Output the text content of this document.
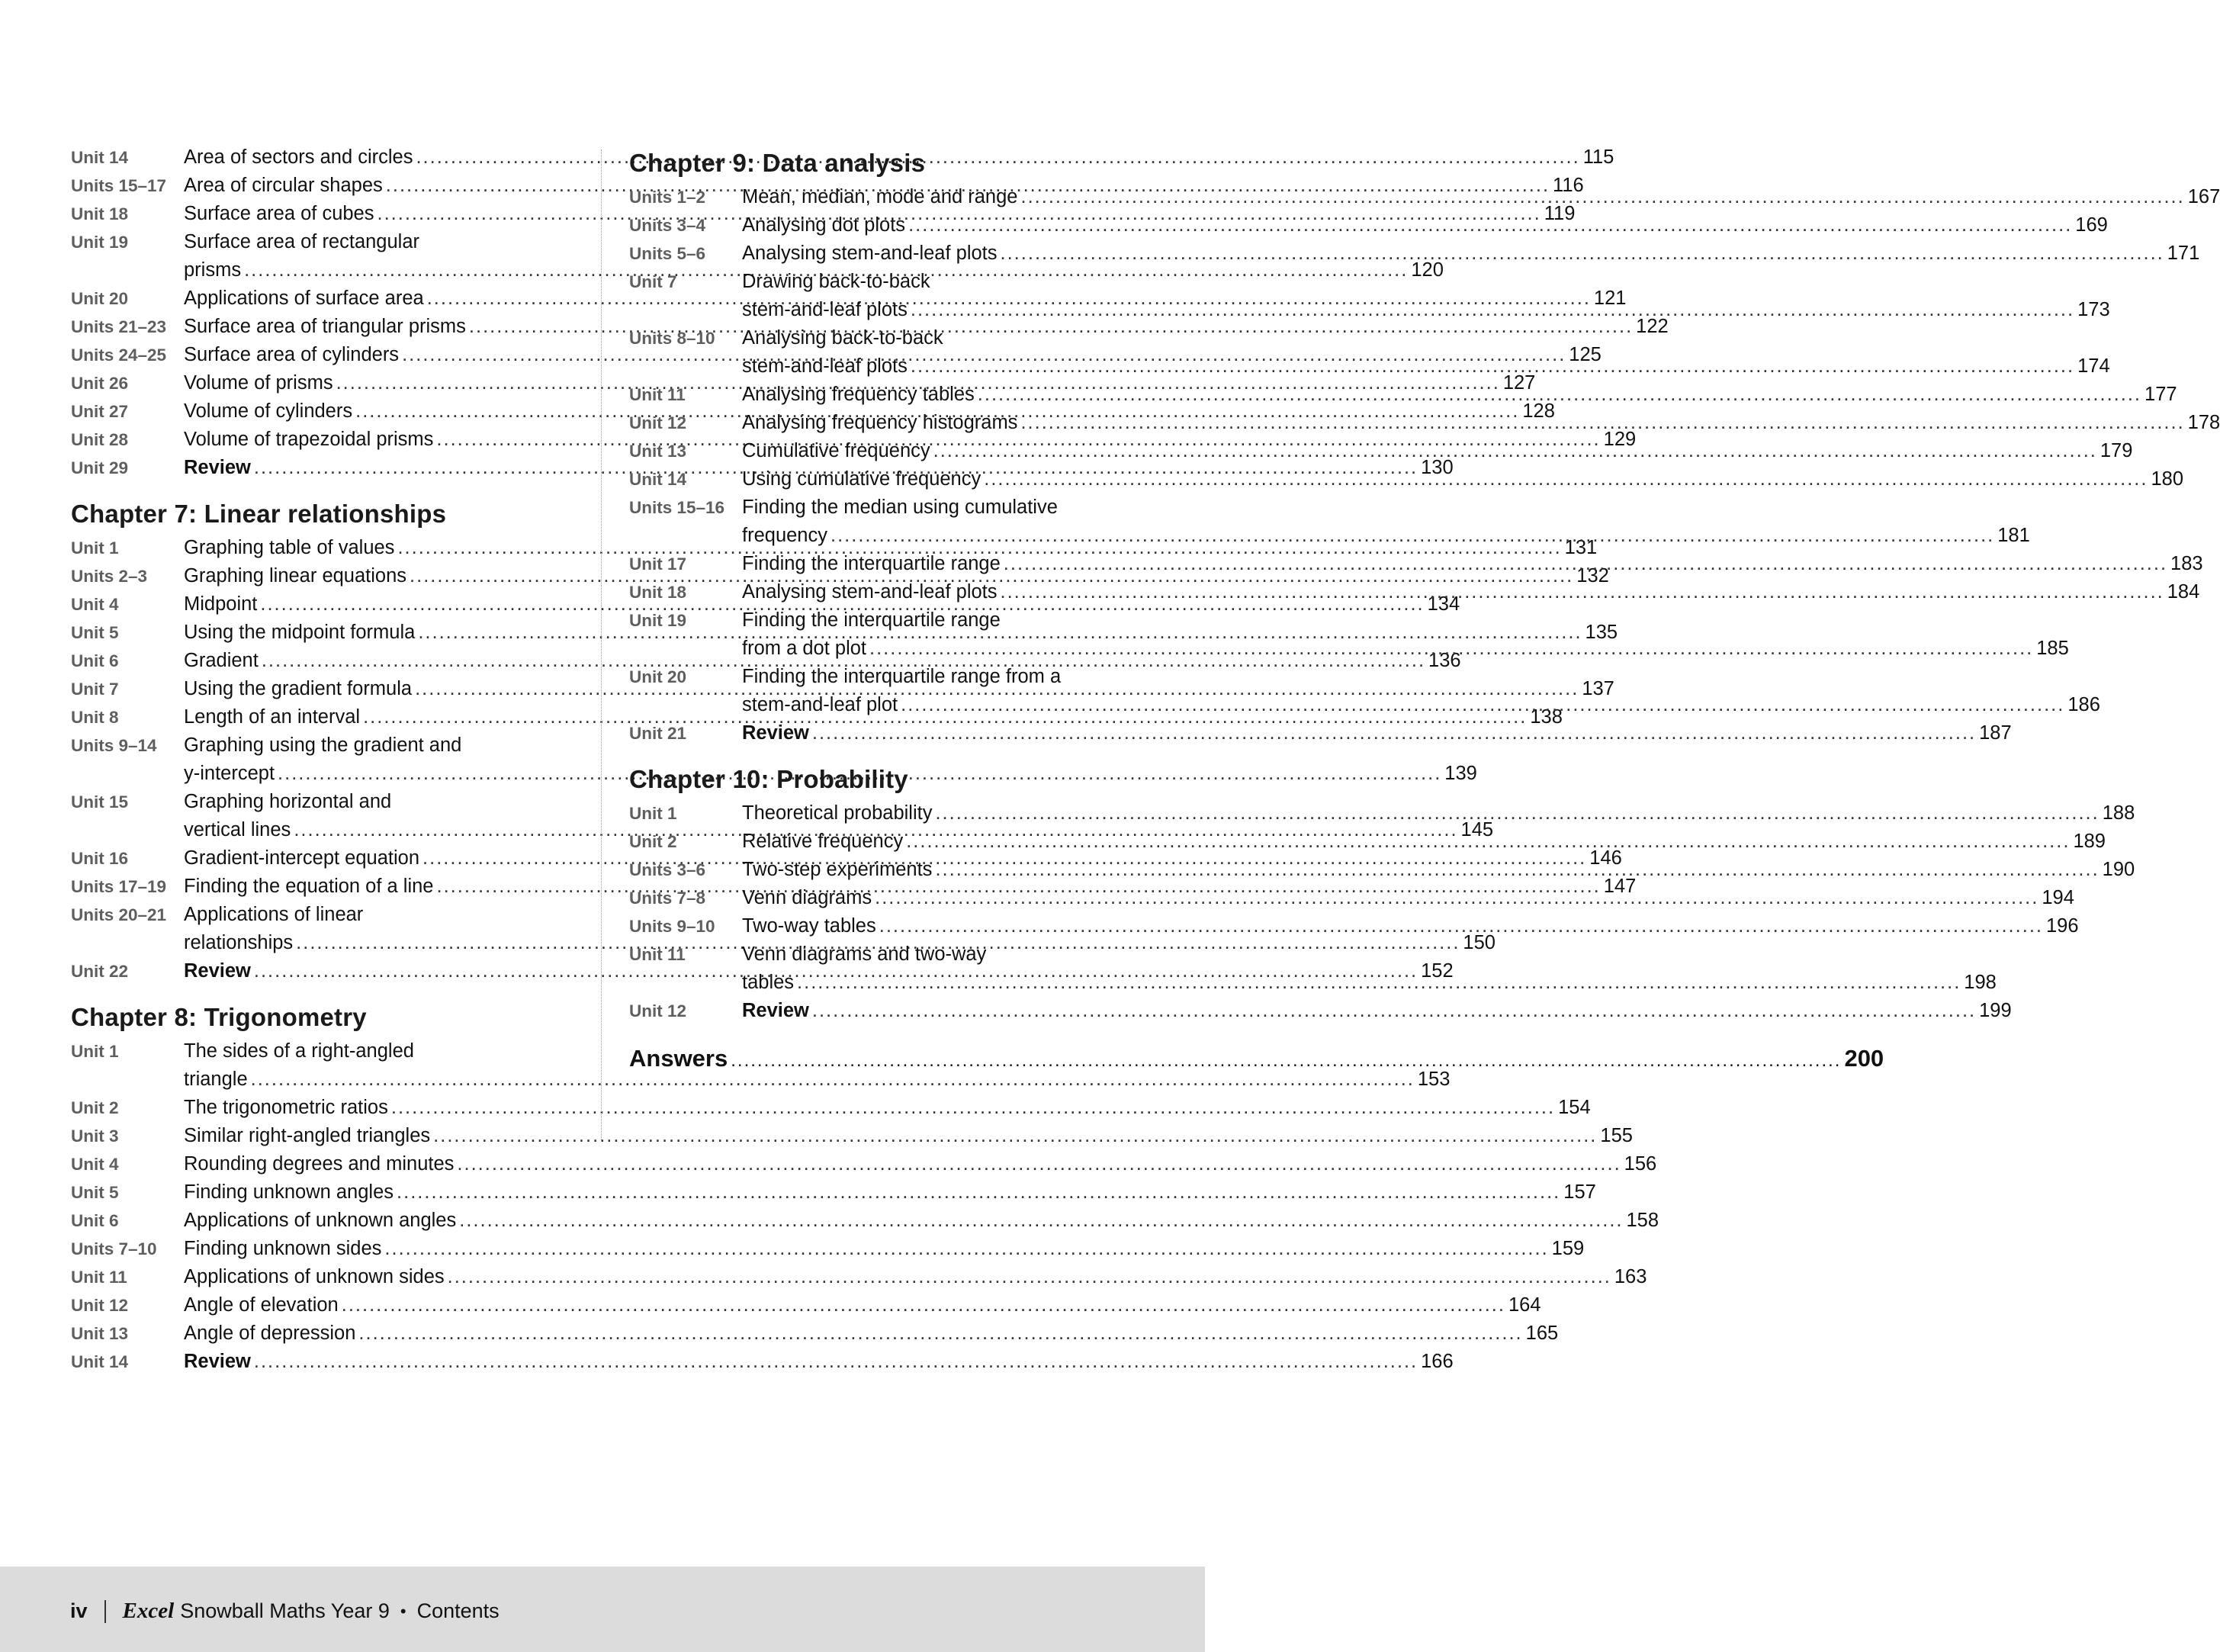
Unit 14	Area of sectors and circles .....	115
Units 15–17 Area of circular shapes .....	116
Unit 18	Surface area of cubes .....	119
Unit 19	Surface area of rectangular
prisms .....	120
Unit 20	Applications of surface area .....	121
Units 21–23 Surface area of triangular prisms .....	122
Units 24–25 Surface area of cylinders .....	125
Unit 26	Volume of prisms .....	127
Unit 27	Volume of cylinders .....	128
Unit 28	Volume of trapezoidal prisms .....	129
Unit 29	Review .....	130
Chapter 7: Linear relationships
Unit 1	Graphing table of values .....	131
Units 2–3	Graphing linear equations .....	132
Unit 4	Midpoint .....	134
Unit 5	Using the midpoint formula .....	135
Unit 6	Gradient .....	136
Unit 7	Using the gradient formula .....	137
Unit 8	Length of an interval .....	138
Units 9–14	Graphing using the gradient and
y-intercept .....	139
Unit 15	Graphing horizontal and
vertical lines .....	145
Unit 16	Gradient-intercept equation .....	146
Units 17–19 Finding the equation of a line .....	147
Units 20–21 Applications of linear
relationships .....	150
Unit 22	Review .....	152
Chapter 8: Trigonometry
Unit 1	The sides of a right-angled
triangle .....	153
Unit 2	The trigonometric ratios .....	154
Unit 3	Similar right-angled triangles .....	155
Unit 4	Rounding degrees and minutes .....	156
Unit 5	Finding unknown angles .....	157
Unit 6	Applications of unknown angles .....	158
Units 7–10	Finding unknown sides .....	159
Unit 11	Applications of unknown sides .....	163
Unit 12	Angle of elevation .....	164
Unit 13	Angle of depression .....	165
Unit 14	Review .....	166
Chapter 9: Data analysis
Units 1–2	Mean, median, mode and range .....	167
Units 3–4	Analysing dot plots .....	169
Units 5–6	Analysing stem-and-leaf plots .....	171
Unit 7	Drawing back-to-back
stem-and-leaf plots .....	173
Units 8–10	Analysing back-to-back
stem-and-leaf plots .....	174
Unit 11	Analysing frequency tables .....	177
Unit 12	Analysing frequency histograms .....	178
Unit 13	Cumulative frequency .....	179
Unit 14	Using cumulative frequency .....	180
Units 15–16 Finding the median using cumulative
frequency .....	181
Unit 17	Finding the interquartile range .....	183
Unit 18	Analysing stem-and-leaf plots .....	184
Unit 19	Finding the interquartile range
from a dot plot .....	185
Unit 20	Finding the interquartile range from a
stem-and-leaf plot .....	186
Unit 21	Review .....	187
Chapter 10: Probability
Unit 1	Theoretical probability .....	188
Unit 2	Relative frequency .....	189
Units 3–6	Two-step experiments .....	190
Units 7–8	Venn diagrams .....	194
Units 9–10	Two-way tables .....	196
Unit 11	Venn diagrams and two-way
tables .....	198
Unit 12	Review .....	199
Answers .....	200
iv Excel Snowball Maths Year 9 • Contents
